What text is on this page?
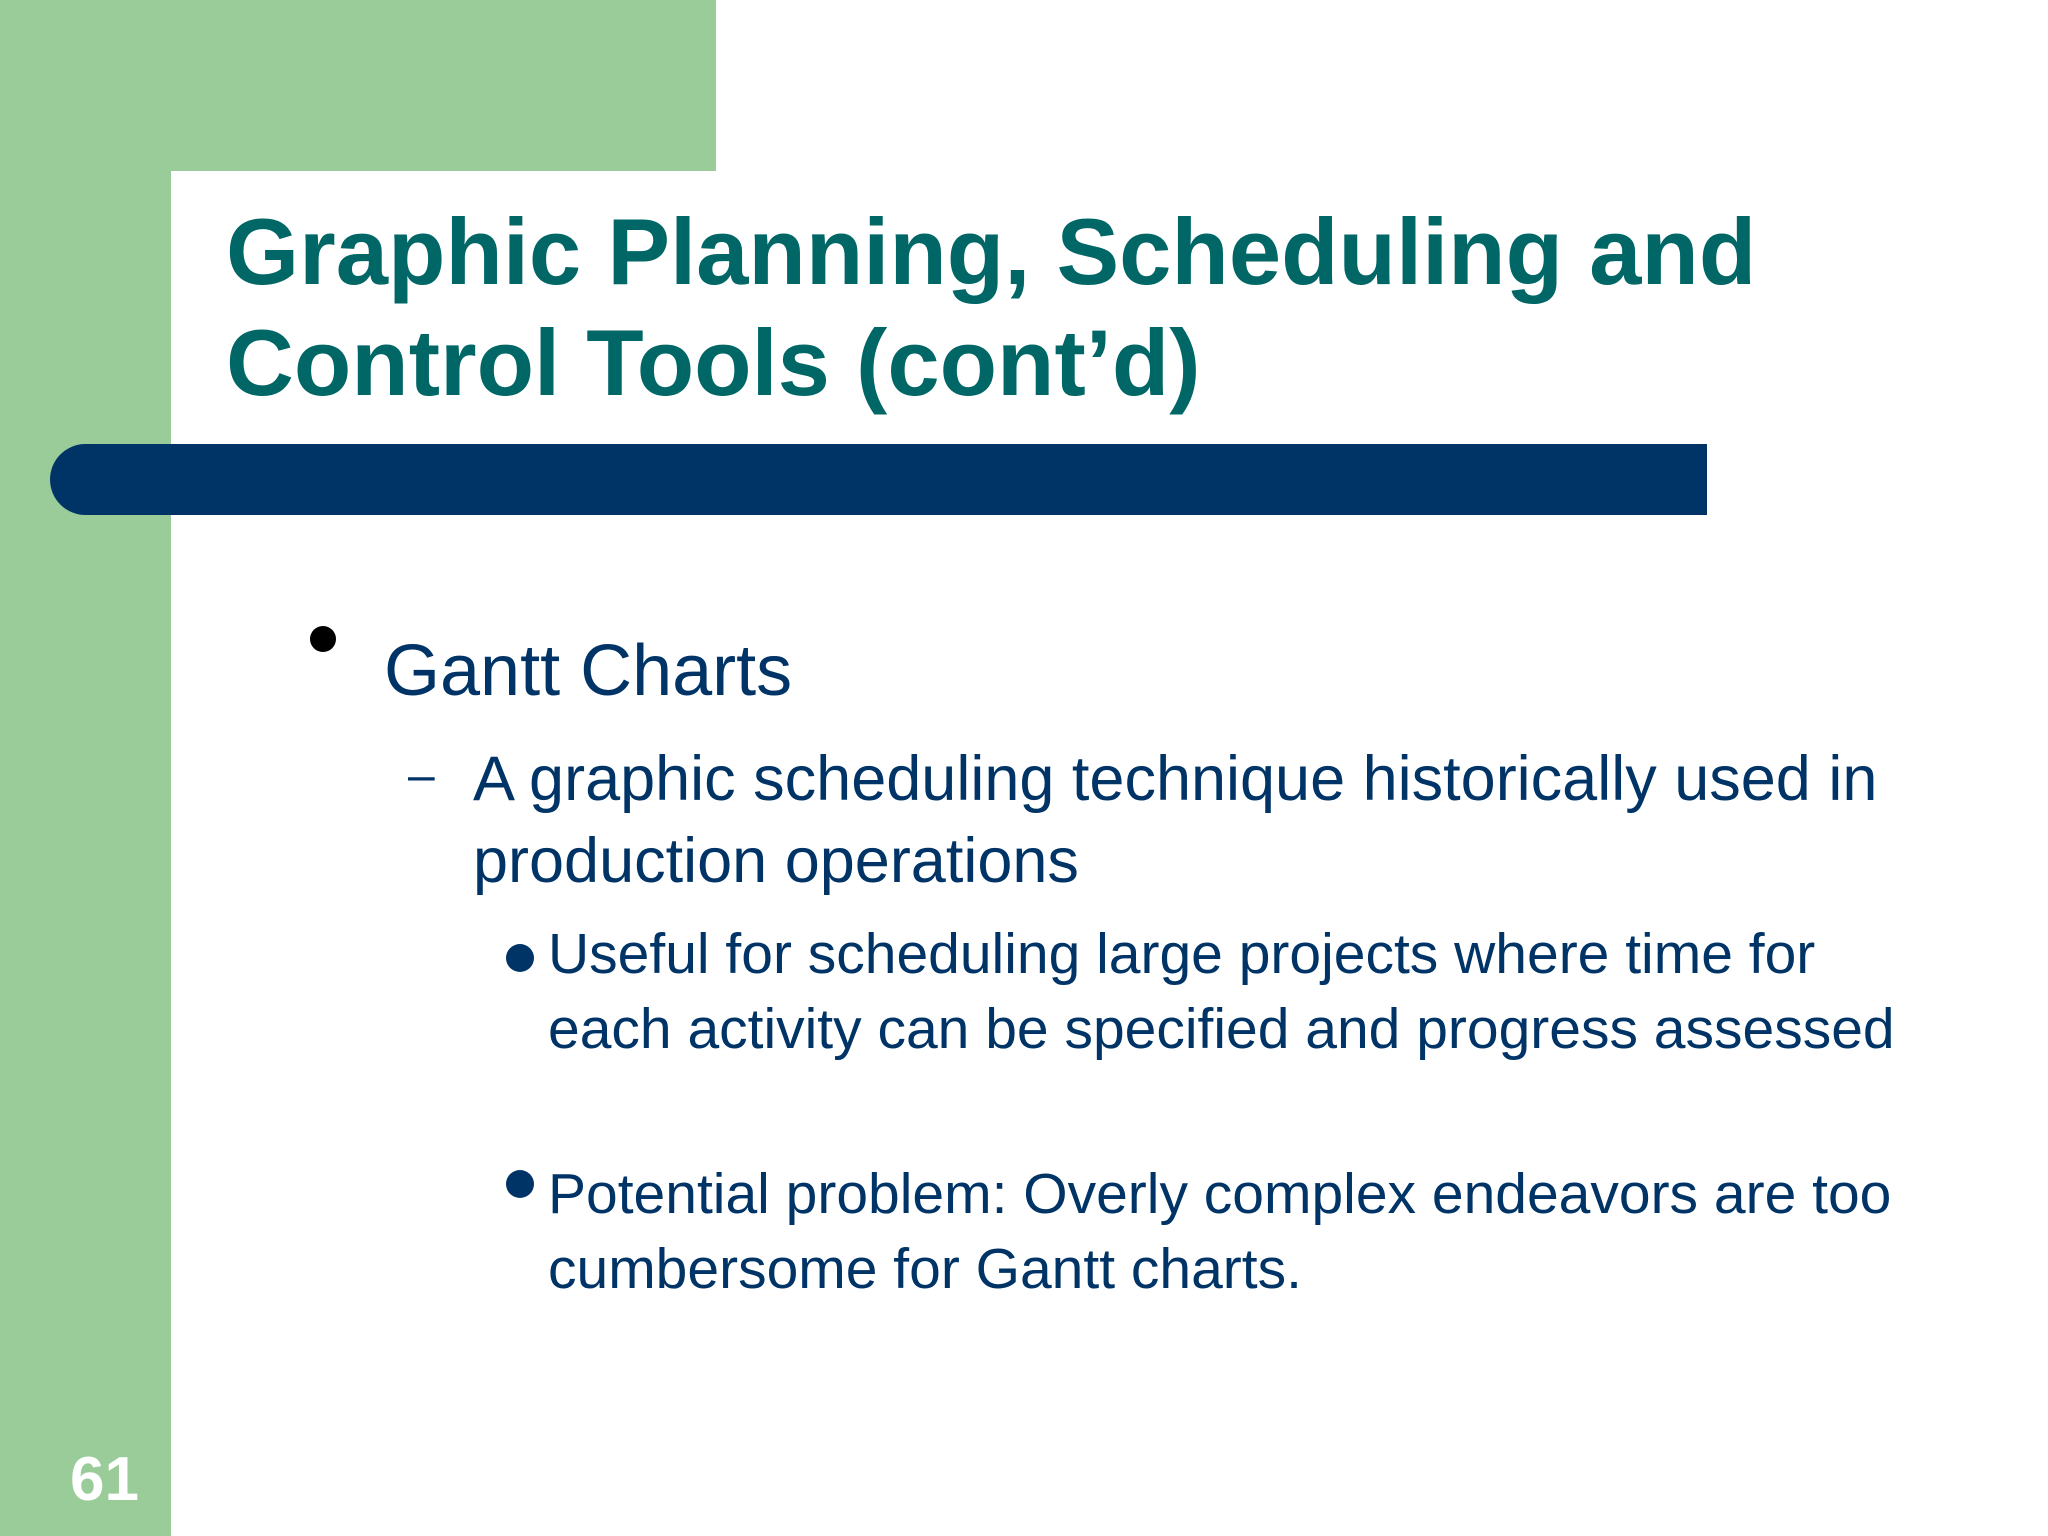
Graphic Planning, Scheduling and Control Tools (cont’d)

Gantt Charts

– A graphic scheduling technique historically used in production operations

Useful for scheduling large projects where time for each activity can be specified and progress assessed

Potential problem: Overly complex endeavors are too cumbersome for Gantt charts.

61
